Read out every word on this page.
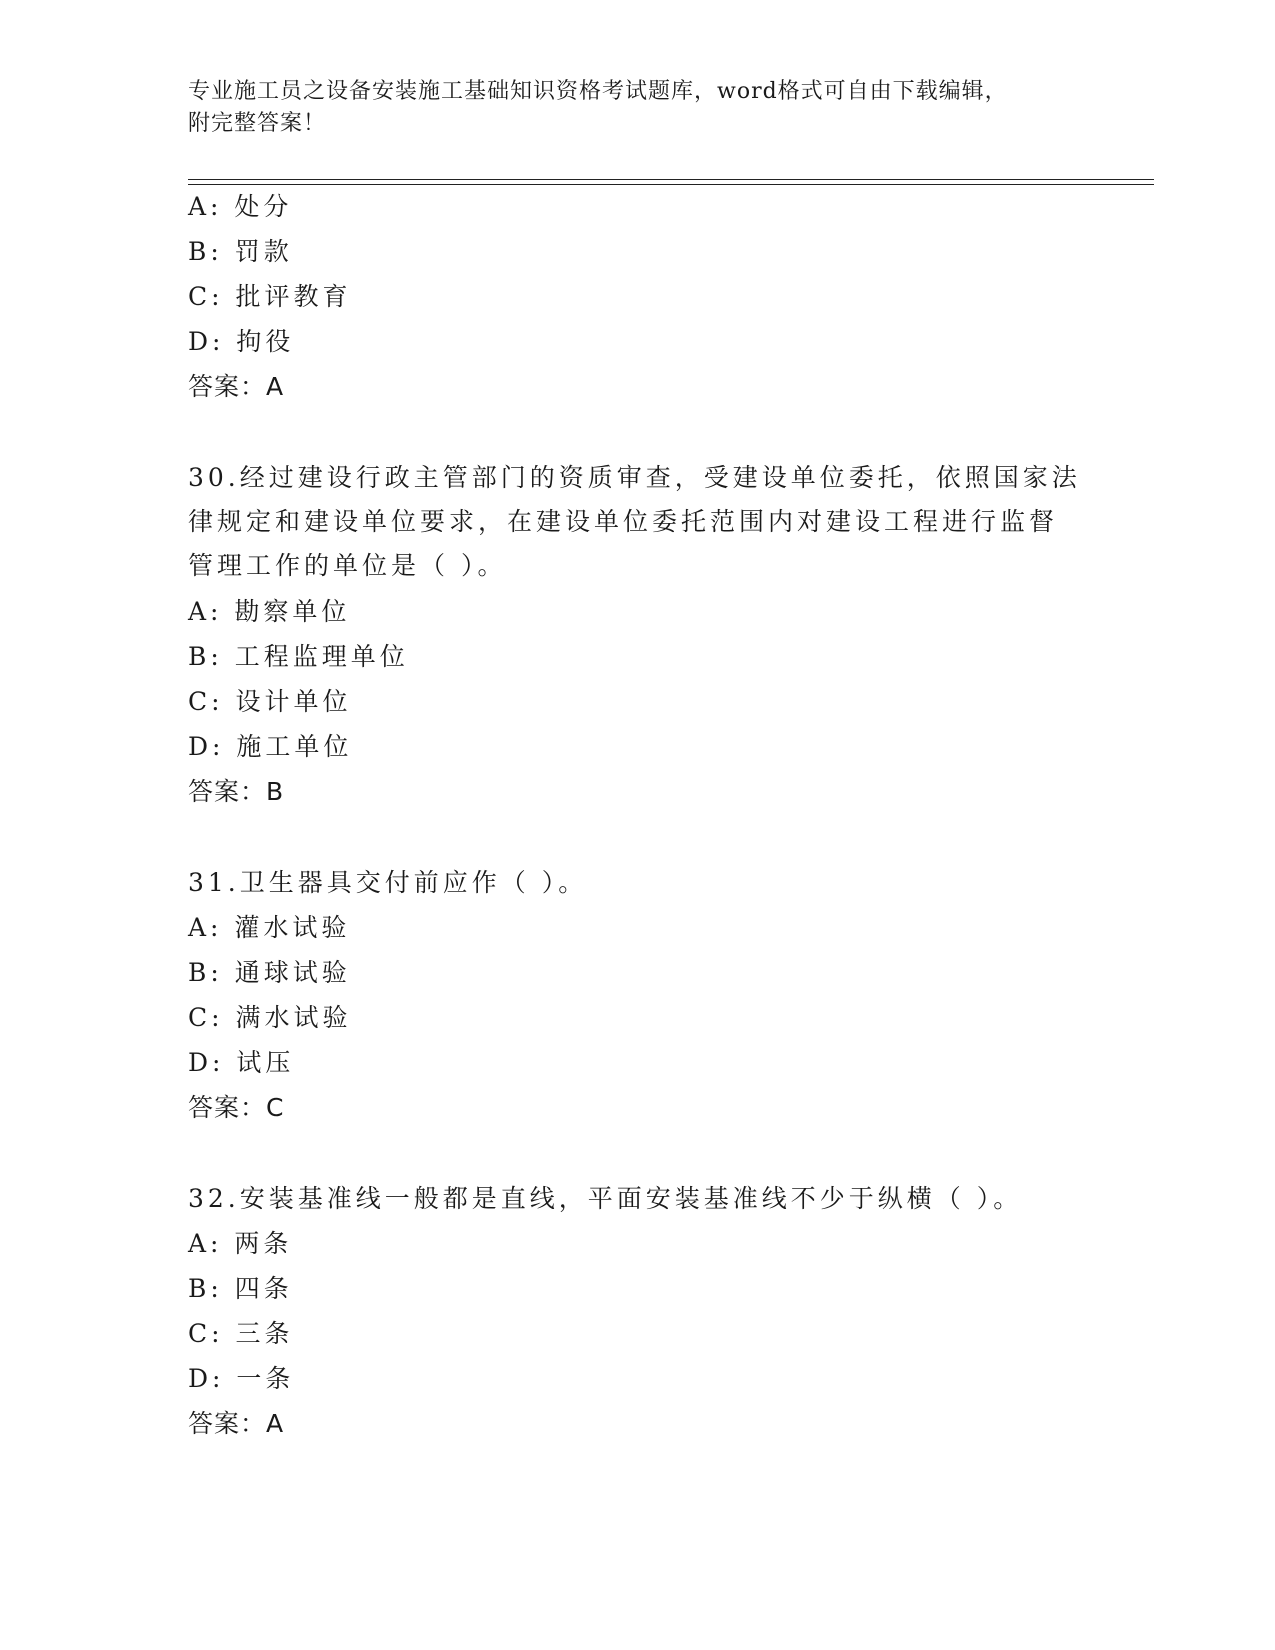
专业施工员之设备安装施工基础知识资格考试题库，word格式可自由下载编辑，
附完整答案！
A: 处分
B: 罚款
C: 批评教育
D: 拘役
答案：A
30.经过建设行政主管部门的资质审查，受建设单位委托，依照国家法
律规定和建设单位要求，在建设单位委托范围内对建设工程进行监督
管理工作的单位是（ ）。
A: 勘察单位
B: 工程监理单位
C: 设计单位
D: 施工单位
答案：B
31.卫生器具交付前应作（ ）。
A: 灌水试验
B: 通球试验
C: 满水试验
D: 试压
答案：C
32.安装基准线一般都是直线，平面安装基准线不少于纵横（ ）。
A: 两条
B: 四条
C: 三条
D: 一条
答案：A
